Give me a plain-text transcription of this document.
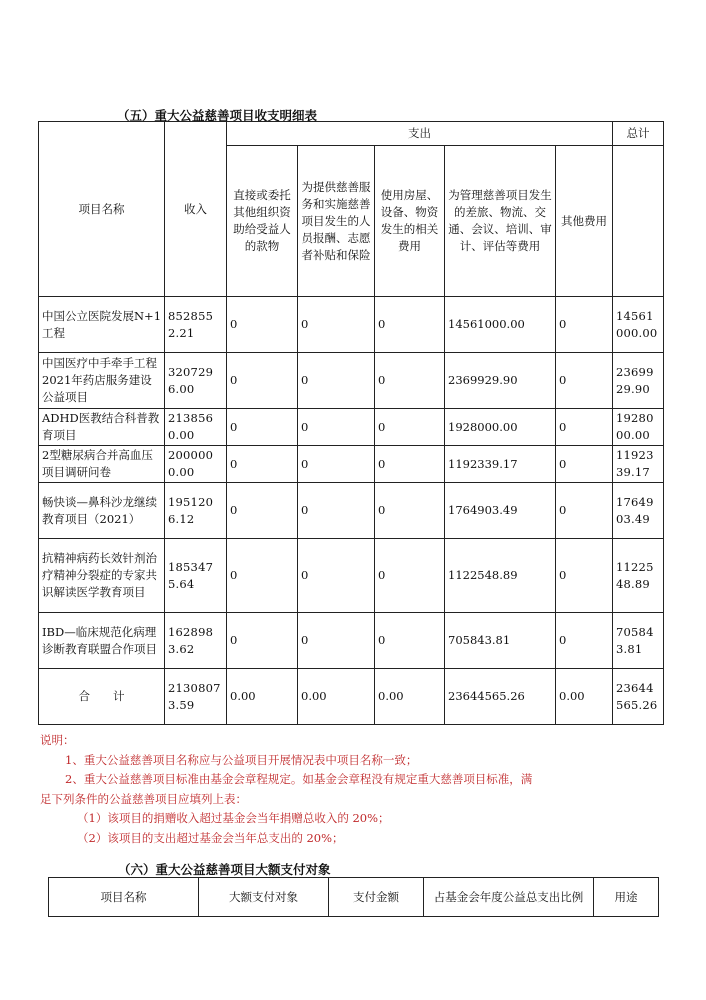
（五）重大公益慈善项目收支明细表
项目名称	收入	支出					总计
		直接或委托其他组织资助给受益人的款物	为提供慈善服务和实施慈善项目发生的人员报酬、志愿者补贴和保险	使用房屋、设备、物资发生的相关费用	为管理慈善项目发生的差旅、物流、交通、会议、培训、审计、评估等费用	其他费用	
中国公立医院发展N+1工程	8528552.21	0	0	0	14561000.00	0	14561000.00
中国医疗中手牵手工程2021年药店服务建设公益项目	3207296.00	0	0	0	2369929.90	0	2369929.90
ADHD医教结合科普教育项目	2138560.00	0	0	0	1928000.00	0	1928000.00
2型糖尿病合并高血压项目调研问卷	2000000.00	0	0	0	1192339.17	0	1192339.17
畅快谈—鼻科沙龙继续教育项目（2021）	1951206.12	0	0	0	1764903.49	0	1764903.49
抗精神病药长效针剂治疗精神分裂症的专家共识解读医学教育项目	1853475.64	0	0	0	1122548.89	0	1122548.89
IBD—临床规范化病理诊断教育联盟合作项目	1628983.62	0	0	0	705843.81	0	705843.81
合　　计	21308073.59	0.00	0.00	0.00	23644565.26	0.00	23644565.26

说明：

1、重大公益慈善项目名称应与公益项目开展情况表中项目名称一致；

2、重大公益慈善项目标准由基金会章程规定。如基金会章程没有规定重大慈善项目标准，满

足下列条件的公益慈善项目应填列上表：

（1）该项目的捐赠收入超过基金会当年捐赠总收入的 20%；

（2）该项目的支出超过基金会当年总支出的 20%；

（六）重大公益慈善项目大额支付对象
项目名称	大额支付对象	支付金额	占基金会年度公益总支出比例	用途
